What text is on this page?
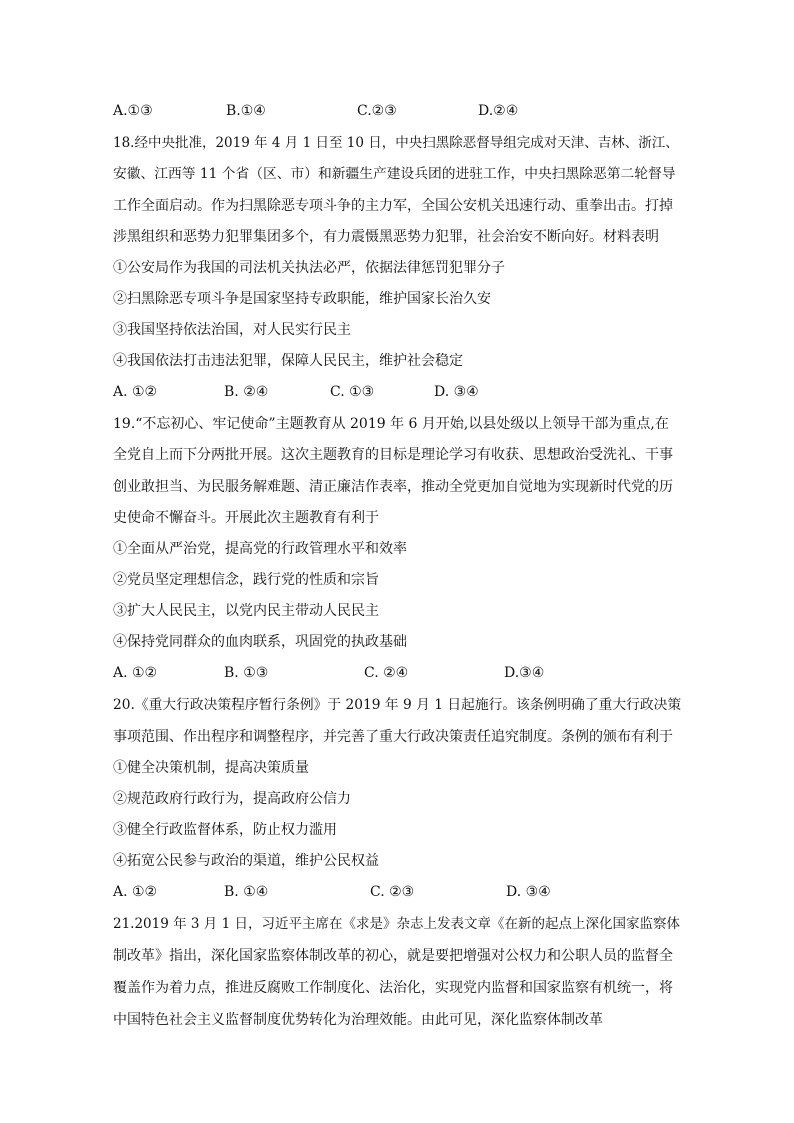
A.①③	B.①④	C.②③	D.②④
18.经中央批准，2019 年 4 月 1 日至 10 日，中央扫黑除恶督导组完成对天津、吉林、浙江、
安徽、江西等 11 个省（区、市）和新疆生产建设兵团的进驻工作，中央扫黑除恶第二轮督导
工作全面启动。作为扫黑除恶专项斗争的主力军，全国公安机关迅速行动、重拳出击。打掉
涉黑组织和恶势力犯罪集团多个，有力震慑黑恶势力犯罪，社会治安不断向好。材料表明
①公安局作为我国的司法机关执法必严，依据法律惩罚犯罪分子
②扫黑除恶专项斗争是国家坚持专政职能，维护国家长治久安
③我国坚持依法治国，对人民实行民主
④我国依法打击违法犯罪，保障人民民主，维护社会稳定
A. ①②	B. ②④	C. ①③	D. ③④
19.“不忘初心、牢记使命”主题教育从 2019 年 6 月开始,以县处级以上领导干部为重点,在
全党自上而下分两批开展。这次主题教育的目标是理论学习有收获、思想政治受洗礼、干事
创业敢担当、为民服务解难题、清正廉洁作表率，推动全党更加自觉地为实现新时代党的历
史使命不懈奋斗。开展此次主题教育有利于
①全面从严治党，提高党的行政管理水平和效率
②党员坚定理想信念，践行党的性质和宗旨
③扩大人民民主，以党内民主带动人民民主
④保持党同群众的血肉联系，巩固党的执政基础
A. ①②	B. ①③	C. ②④	D.③④
20.《重大行政决策程序暂行条例》于 2019 年 9 月 1 日起施行。该条例明确了重大行政决策
事项范围、作出程序和调整程序，并完善了重大行政决策责任追究制度。条例的颁布有利于
①健全决策机制，提高决策质量
②规范政府行政行为，提高政府公信力
③健全行政监督体系，防止权力滥用
④拓宽公民参与政治的渠道，维护公民权益
A. ①②	B. ①④	C. ②③	D. ③④
21.2019 年 3 月 1 日，习近平主席在《求是》杂志上发表文章《在新的起点上深化国家监察体
制改革》指出，深化国家监察体制改革的初心，就是要把增强对公权力和公职人员的监督全
覆盖作为着力点，推进反腐败工作制度化、法治化，实现党内监督和国家监察有机统一，将
中国特色社会主义监督制度优势转化为治理效能。由此可见，深化监察体制改革
